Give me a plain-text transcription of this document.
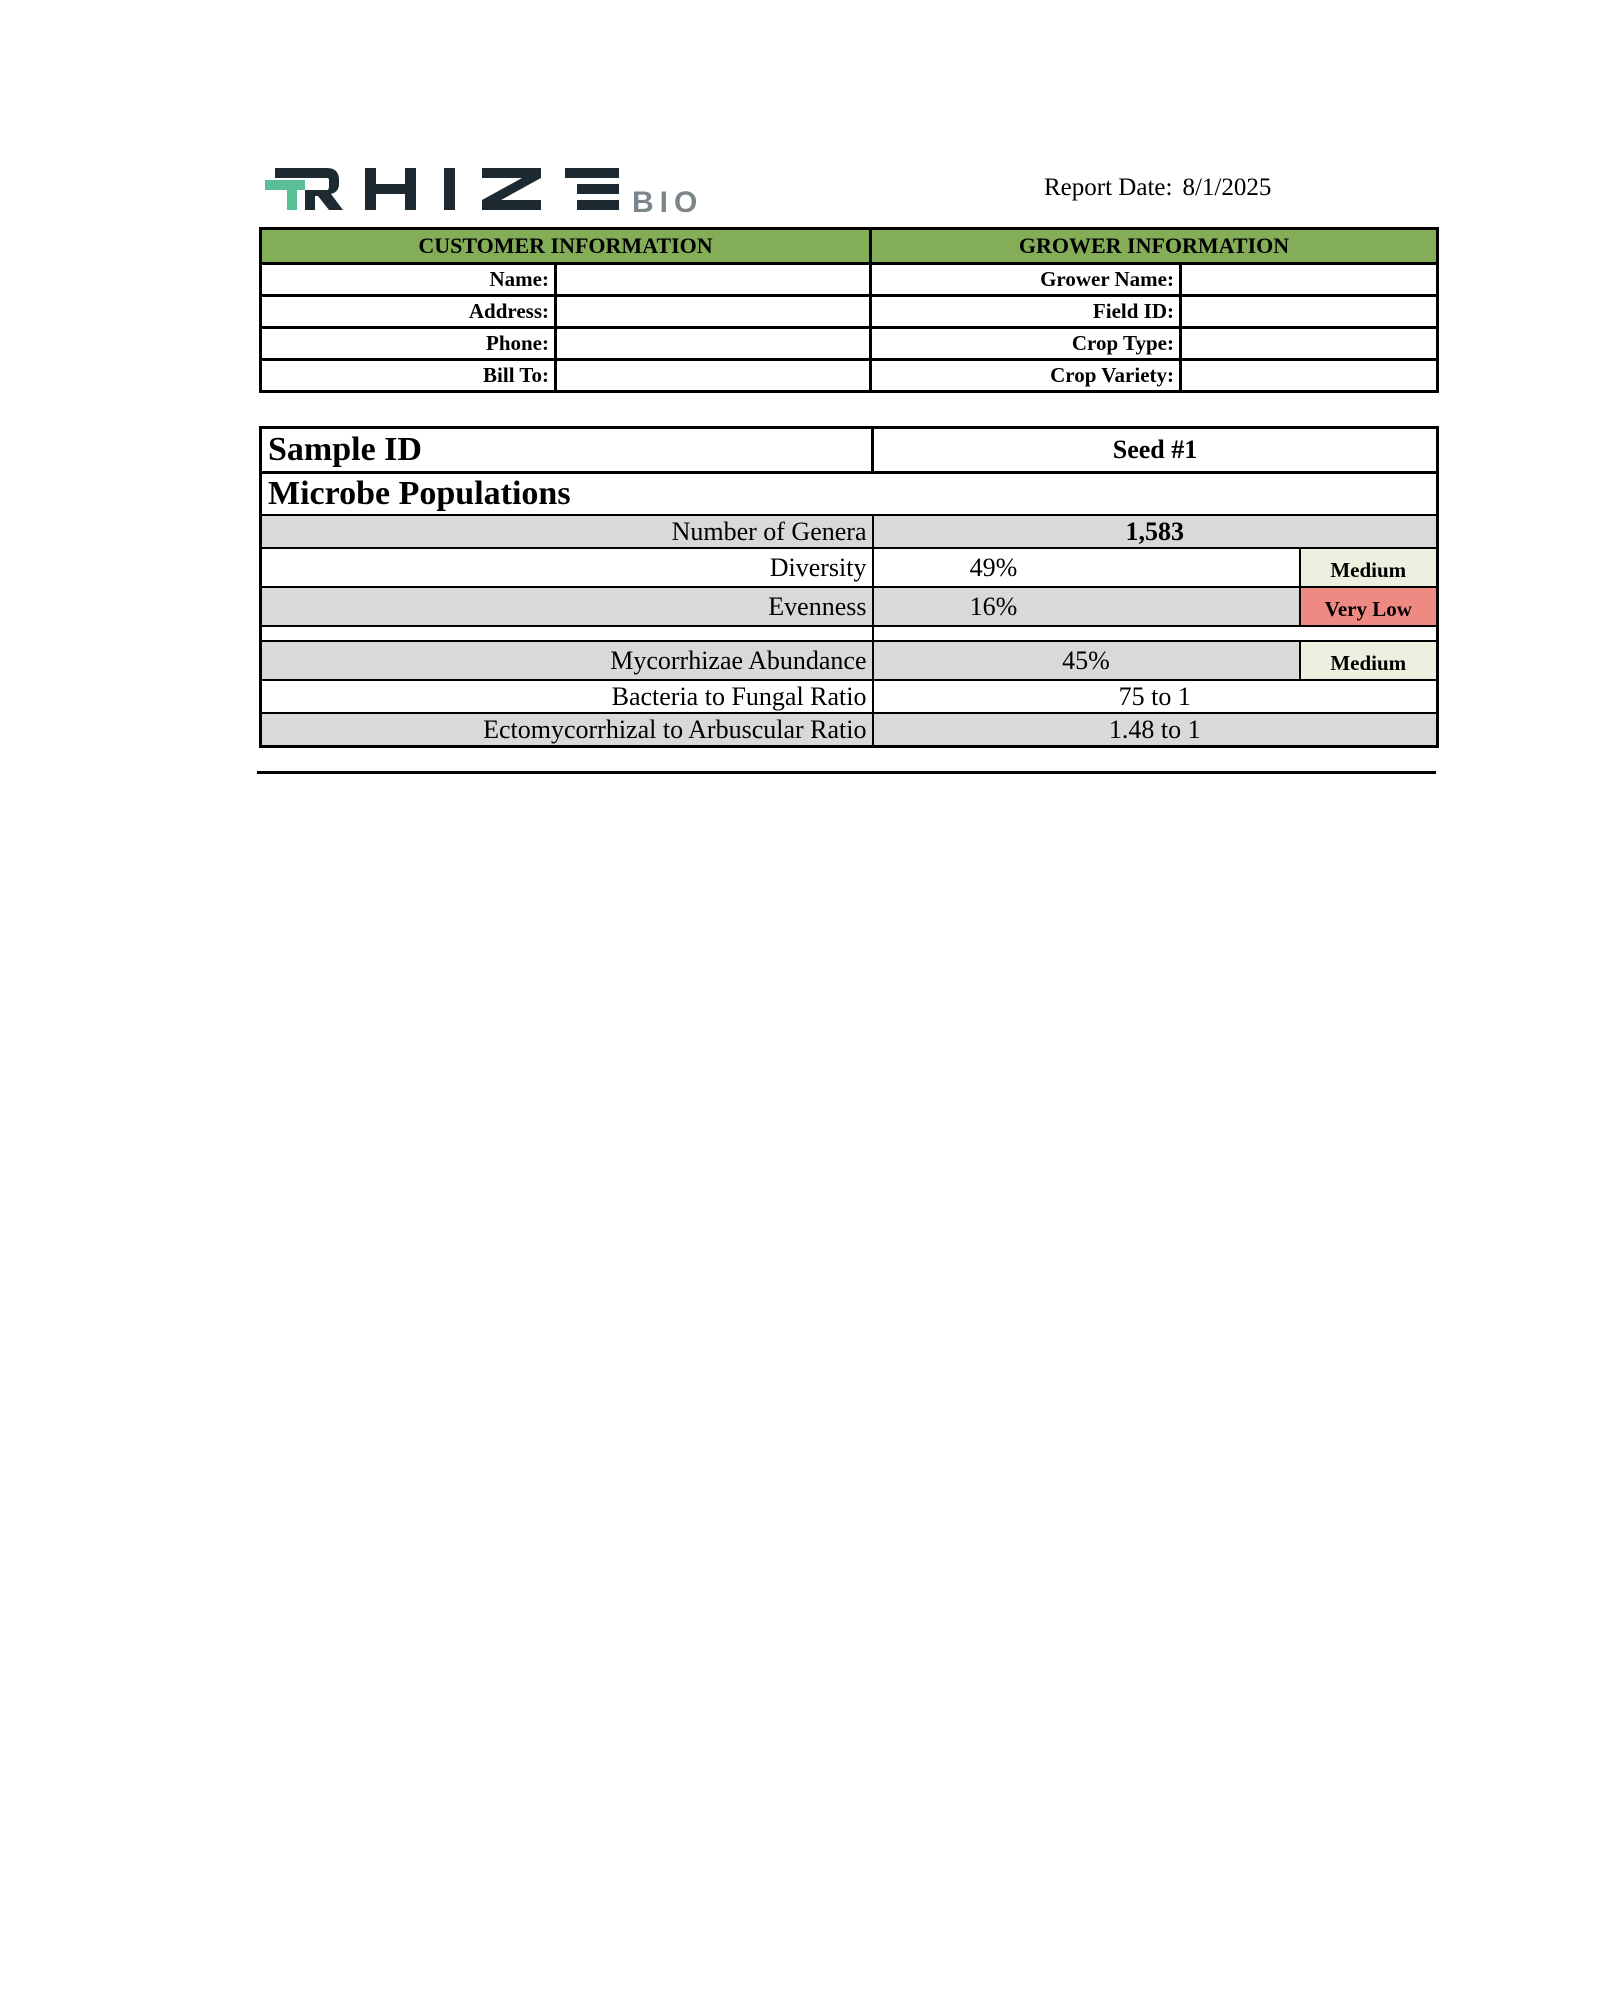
BIO	Report Date: 8/1/2025
CUSTOMER INFORMATION		GROWER INFORMATION	
Name:		Grower Name:	
Address:		Field ID:	
Phone:		Crop Type:	
Bill To:		Crop Variety:	
Sample ID	Seed #1	
Microbe Populations		
Number of Genera	1,583	
Diversity	49%	Medium
Evenness	16%	Very Low

Mycorrhizae Abundance	45%	Medium
Bacteria to Fungal Ratio	75 to 1	
Ectomycorrhizal to Arbuscular Ratio	1.48 to 1	
